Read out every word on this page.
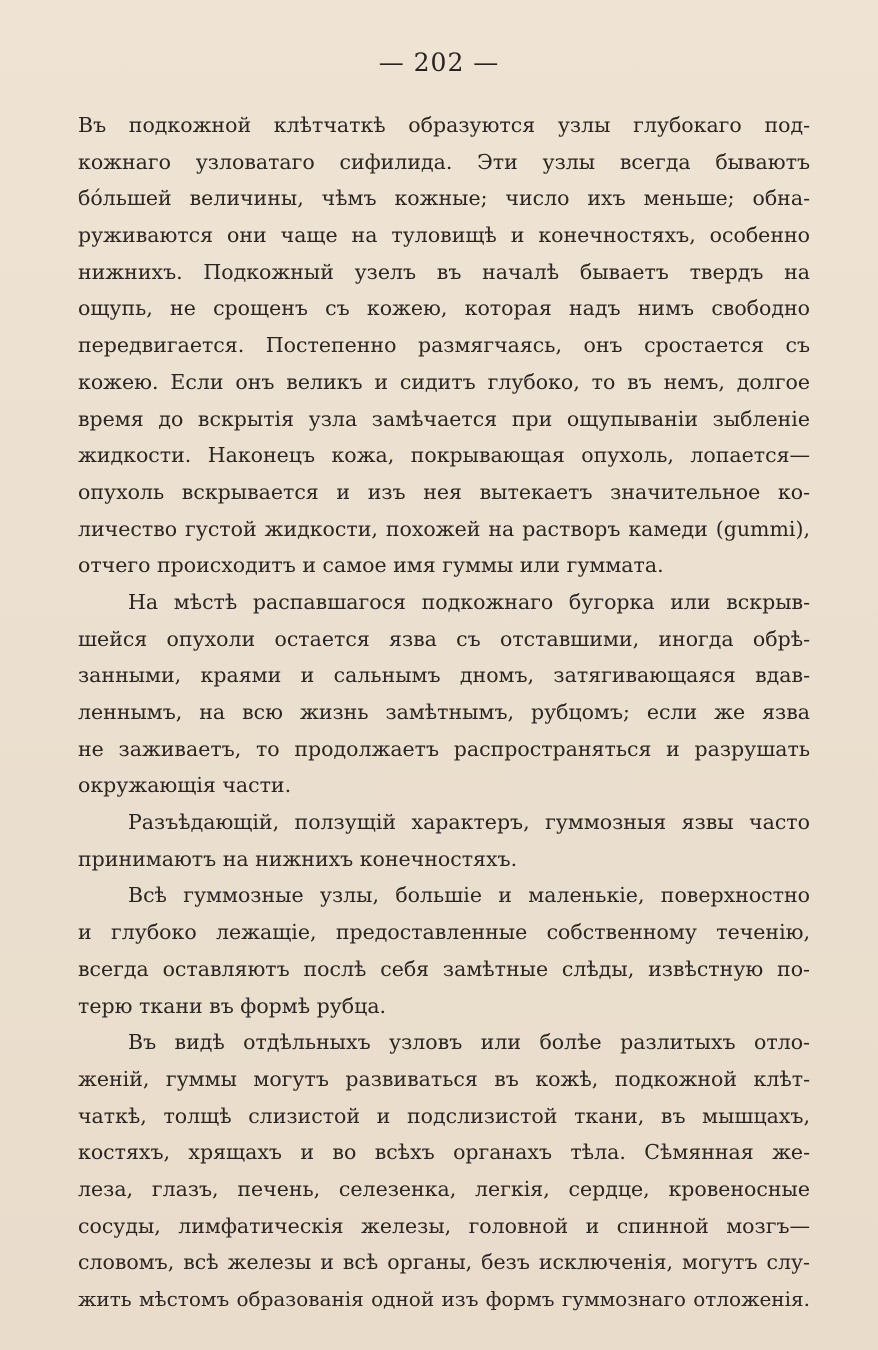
— 202 —
Въ подкожной клѣтчаткѣ образуются узлы глубокаго под-
кожнаго узловатаго сифилида. Эти узлы всегда бываютъ
бóльшей величины, чѣмъ кожные; число ихъ меньше; обна-
руживаются они чаще на туловищѣ и конечностяхъ, особенно
нижнихъ. Подкожный узелъ въ началѣ бываетъ твердъ на
ощупь, не срощенъ съ кожею, которая надъ нимъ свободно
передвигается. Постепенно размягчаясь, онъ сростается съ
кожею. Если онъ великъ и сидитъ глубоко, то въ немъ, долгое
время до вскрытія узла замѣчается при ощупываніи зыбленіе
жидкости. Наконецъ кожа, покрывающая опухоль, лопается—
опухоль вскрывается и изъ нея вытекаетъ значительное ко-
личество густой жидкости, похожей на растворъ камеди (gummi),
отчего происходитъ и самое имя гуммы или гуммата.
На мѣстѣ распавшагося подкожнаго бугорка или вскрыв-
шейся опухоли остается язва съ отставшими, иногда обрѣ-
занными, краями и сальнымъ дномъ, затягивающаяся вдав-
леннымъ, на всю жизнь замѣтнымъ, рубцомъ; если же язва
не заживаетъ, то продолжаетъ распространяться и разрушать
окружающія части.
Разъѣдающій, ползущій характеръ, гуммозныя язвы часто
принимаютъ на нижнихъ конечностяхъ.
Всѣ гуммозные узлы, большіе и маленькіе, поверхностно
и глубоко лежащіе, предоставленные собственному теченію,
всегда оставляютъ послѣ себя замѣтные слѣды, извѣстную по-
терю ткани въ формѣ рубца.
Въ видѣ отдѣльныхъ узловъ или болѣе разлитыхъ отло-
женій, гуммы могутъ развиваться въ кожѣ, подкожной клѣт-
чаткѣ, толщѣ слизистой и подслизистой ткани, въ мышцахъ,
костяхъ, хрящахъ и во всѣхъ органахъ тѣла. Сѣмянная же-
леза, глазъ, печень, селезенка, легкія, сердце, кровеносные
сосуды, лимфатическія железы, головной и спинной мозгъ—
словомъ, всѣ железы и всѣ органы, безъ исключенія, могутъ слу-
жить мѣстомъ образованія одной изъ формъ гуммознаго отложенія.
